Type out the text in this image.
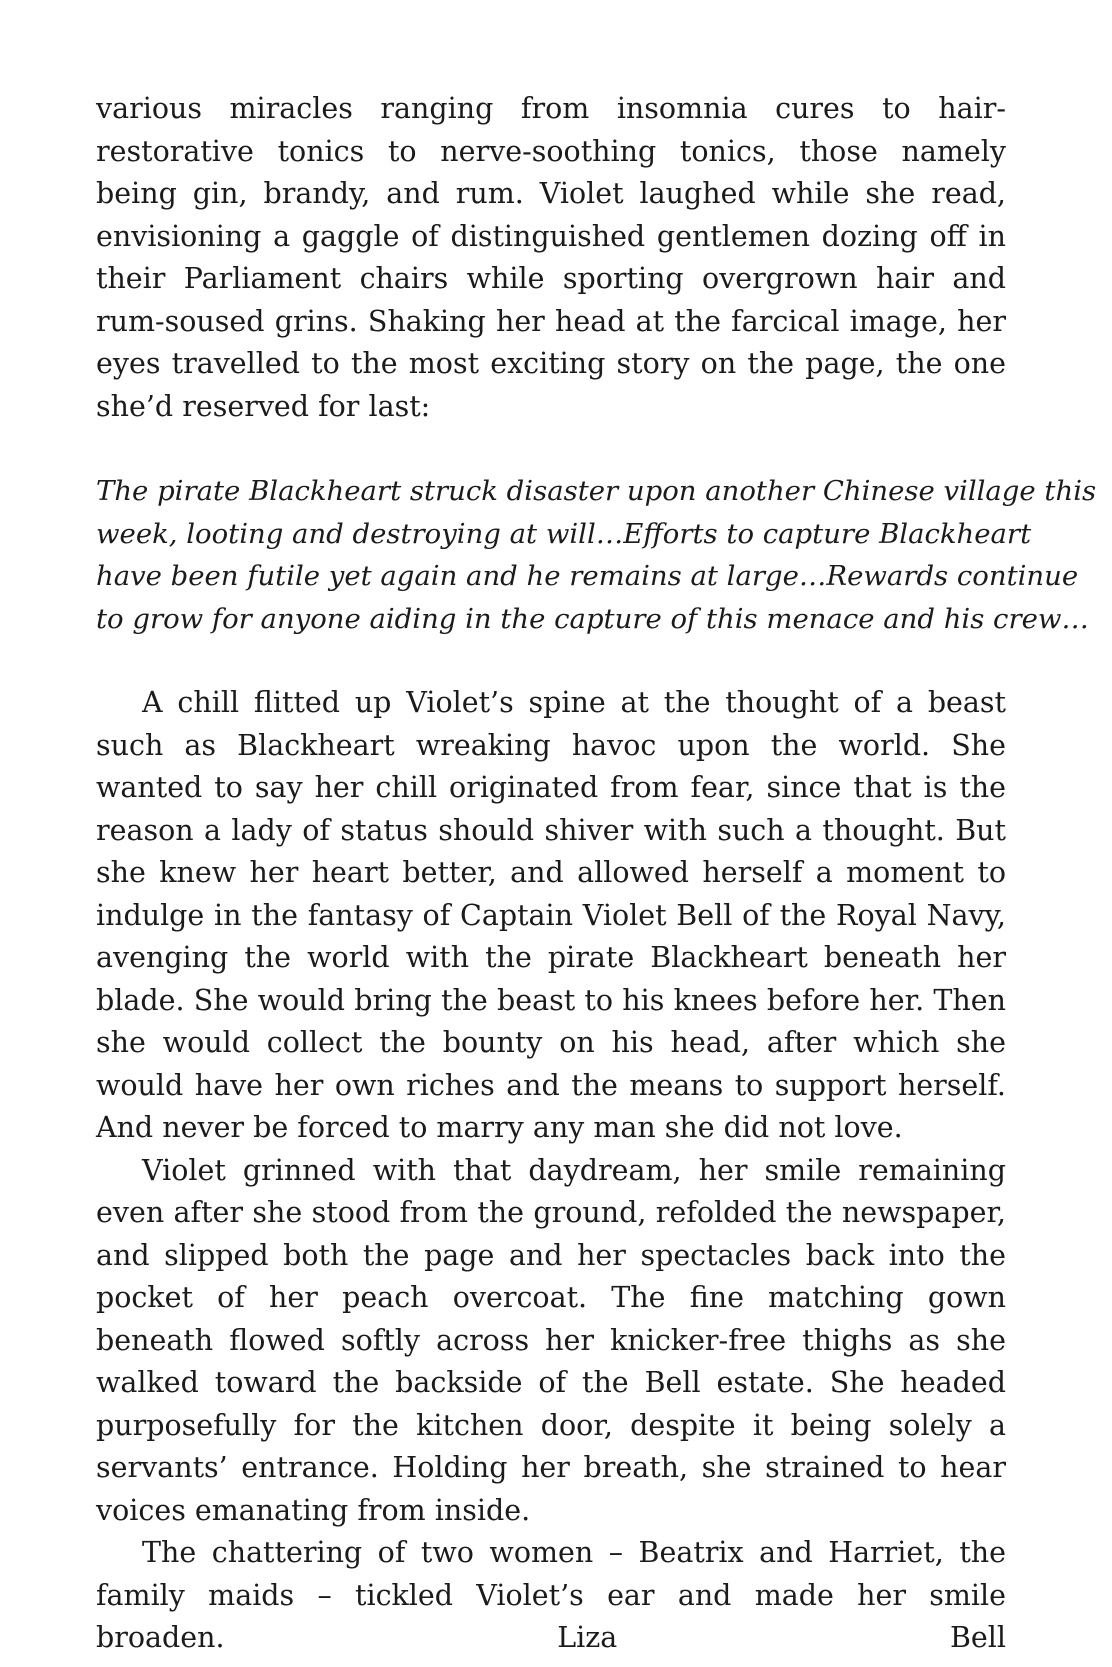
various miracles ranging from insomnia cures to hair-restorative tonics to nerve-soothing tonics, those namely being gin, brandy, and rum. Violet laughed while she read, envisioning a gaggle of distinguished gentlemen dozing off in their Parliament chairs while sporting overgrown hair and rum-soused grins. Shaking her head at the farcical image, her eyes travelled to the most exciting story on the page, the one she’d reserved for last:

The pirate Blackheart struck disaster upon another Chinese village this
week, looting and destroying at will…Efforts to capture Blackheart
have been futile yet again and he remains at large…Rewards continue
to grow for anyone aiding in the capture of this menace and his crew…

A chill flitted up Violet’s spine at the thought of a beast such as Blackheart wreaking havoc upon the world. She wanted to say her chill originated from fear, since that is the reason a lady of status should shiver with such a thought. But she knew her heart better, and allowed herself a moment to indulge in the fantasy of Captain Violet Bell of the Royal Navy, avenging the world with the pirate Blackheart beneath her blade. She would bring the beast to his knees before her. Then she would collect the bounty on his head, after which she would have her own riches and the means to support herself. And never be forced to marry any man she did not love.

Violet grinned with that daydream, her smile remaining even after she stood from the ground, refolded the newspaper, and slipped both the page and her spectacles back into the pocket of her peach overcoat. The fine matching gown beneath flowed softly across her knicker-free thighs as she walked toward the backside of the Bell estate. She headed purposefully for the kitchen door, despite it being solely a servants’ entrance. Holding her breath, she strained to hear voices emanating from inside.

The chattering of two women – Beatrix and Harriet, the family maids – tickled Violet’s ear and made her smile broaden. Liza Bell
